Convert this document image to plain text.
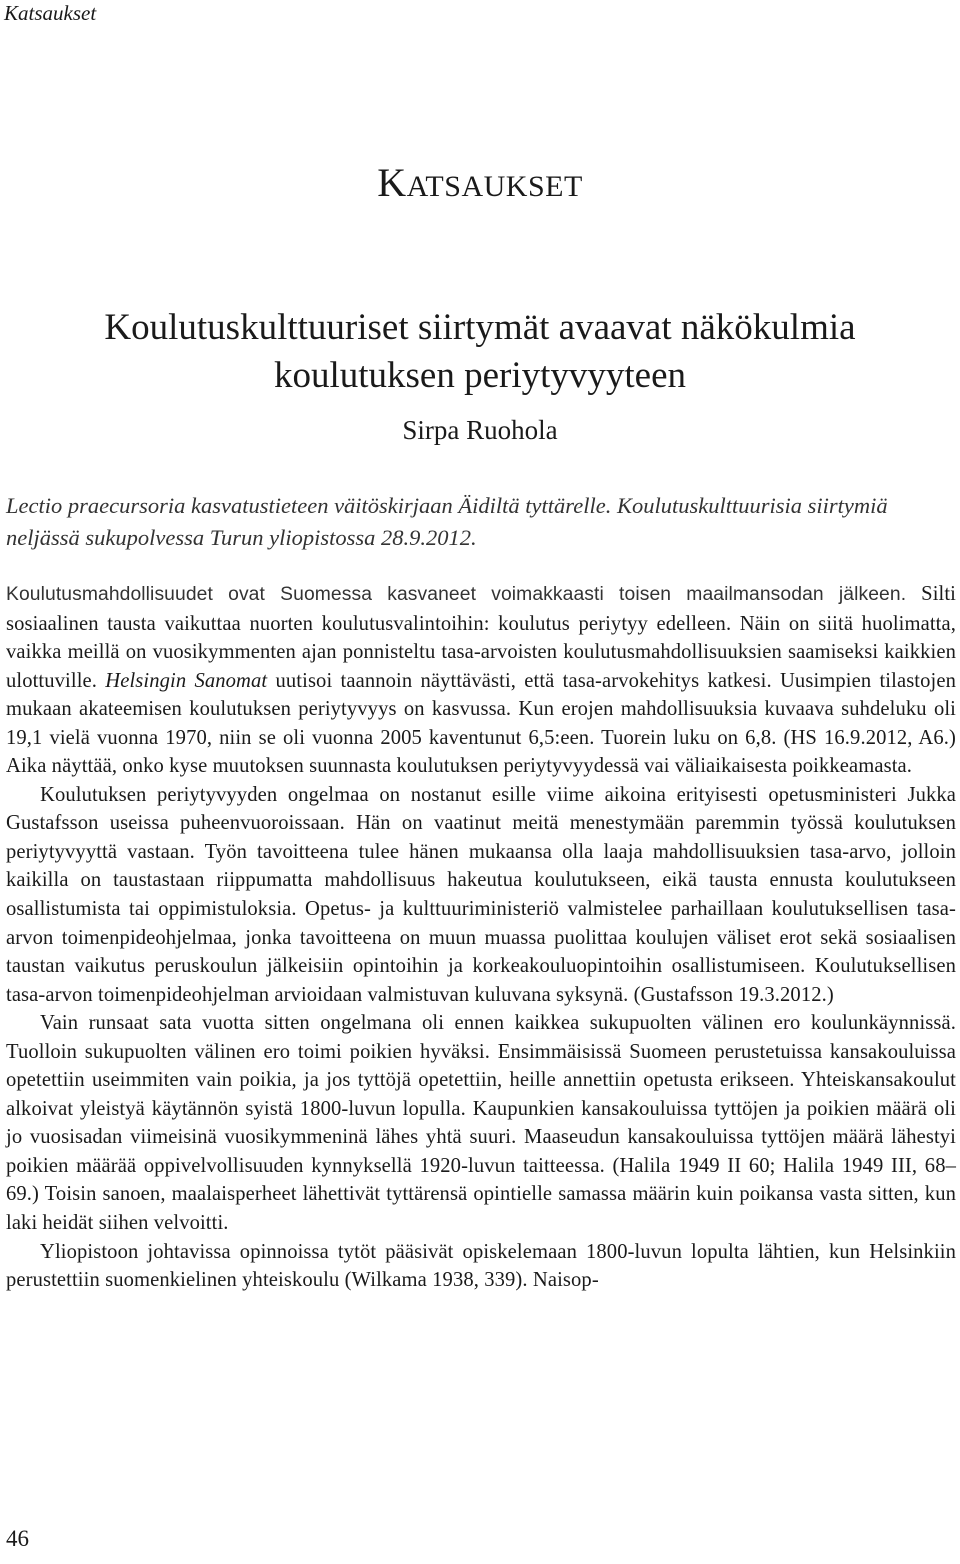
Katsaukset
KATSAUKSET
Koulutuskulttuuriset siirtymät avaavat näkökulmia
koulutuksen periytyvyyteen
Sirpa Ruohola
Lectio praecursoria kasvatustieteen väitöskirjaan Äidiltä tyttärelle. Koulutuskulttuurisia siirtymiä neljässä sukupolvessa Turun yliopistossa 28.9.2012.

Koulutusmahdollisuudet ovat Suomessa kasvaneet voimakkaasti toisen maailmansodan jälkeen. Silti sosiaalinen tausta vaikuttaa nuorten koulutusvalintoihin: koulutus periytyy edelleen. Näin on siitä huolimatta, vaikka meillä on vuosikymmenten ajan ponnisteltu tasa-arvoisten koulutusmahdollisuuksien saamiseksi kaikkien ulottuville. Helsingin Sanomat uutisoi taannoin näyttävästi, että tasa-arvokehitys katkesi. Uusimpien tilastojen mukaan akateemisen koulutuksen periytyvyys on kasvussa. Kun erojen mahdollisuuksia kuvaava suhdeluku oli 19,1 vielä vuonna 1970, niin se oli vuonna 2005 kaventunut 6,5:een. Tuorein luku on 6,8. (HS 16.9.2012, A6.) Aika näyttää, onko kyse muutoksen suunnasta koulutuksen periytyvyydessä vai väliaikaisesta poikkeamasta.

Koulutuksen periytyvyyden ongelmaa on nostanut esille viime aikoina erityisesti opetusministeri Jukka Gustafsson useissa puheenvuoroissaan. Hän on vaatinut meitä menestymään paremmin työssä koulutuksen periytyvyyttä vastaan. Työn tavoitteena tulee hänen mukaansa olla laaja mahdollisuuksien tasa-arvo, jolloin kaikilla on taustastaan riippumatta mahdollisuus hakeutua koulutukseen, eikä tausta ennusta koulutukseen osallistumista tai oppimistuloksia. Opetus- ja kulttuuriministeriö valmistelee parhaillaan koulutuksellisen tasa-arvon toimenpideohjelmaa, jonka tavoitteena on muun muassa puolittaa koulujen väliset erot sekä sosiaalisen taustan vaikutus peruskoulun jälkeisiin opintoihin ja korkeakouluopintoihin osallistumiseen. Koulutuksellisen tasa-arvon toimenpideohjelman arvioidaan valmistuvan kuluvana syksynä. (Gustafsson 19.3.2012.)

Vain runsaat sata vuotta sitten ongelmana oli ennen kaikkea sukupuolten välinen ero koulunkäynnissä. Tuolloin sukupuolten välinen ero toimi poikien hyväksi. Ensimmäisissä Suomeen perustetuissa kansakouluissa opetettiin useimmiten vain poikia, ja jos tyttöjä opetettiin, heille annettiin opetusta erikseen. Yhteiskansakoulut alkoivat yleistyä käytännön syistä 1800-luvun lopulla. Kaupunkien kansakouluissa tyttöjen ja poikien määrä oli jo vuosisadan viimeisinä vuosikymmeninä lähes yhtä suuri. Maaseudun kansakouluissa tyttöjen määrä lähestyi poikien määrää oppivelvollisuuden kynnyksellä 1920-luvun taitteessa. (Halila 1949 II 60; Halila 1949 III, 68–69.) Toisin sanoen, maalaisperheet lähettivät tyttärensä opintielle samassa määrin kuin poikansa vasta sitten, kun laki heidät siihen velvoitti.

Yliopistoon johtavissa opinnoissa tytöt pääsivät opiskelemaan 1800-luvun lopulta lähtien, kun Helsinkiin perustettiin suomenkielinen yhteiskoulu (Wilkama 1938, 339). Naisop-

46
